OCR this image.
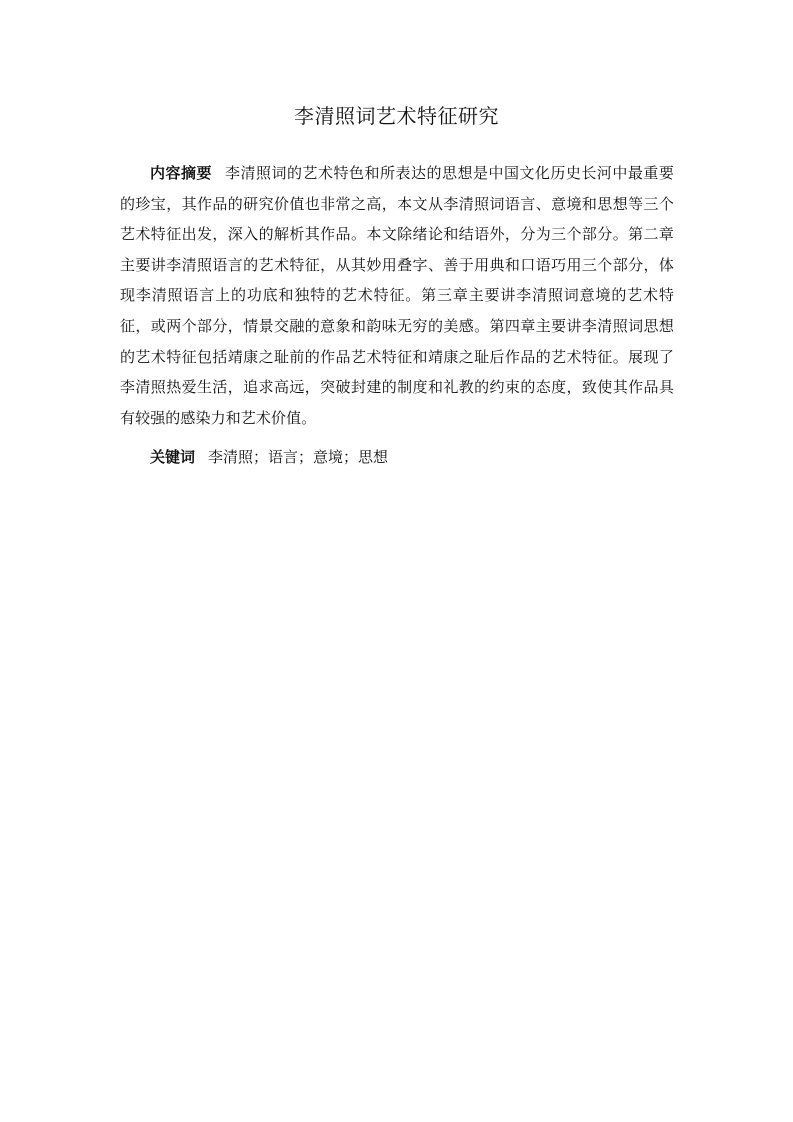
李清照词艺术特征研究

内容摘要 李清照词的艺术特色和所表达的思想是中国文化历史长河中最重要的珍宝，其作品的研究价值也非常之高，本文从李清照词语言、意境和思想等三个艺术特征出发，深入的解析其作品。本文除绪论和结语外，分为三个部分。第二章主要讲李清照语言的艺术特征，从其妙用叠字、善于用典和口语巧用三个部分，体现李清照语言上的功底和独特的艺术特征。第三章主要讲李清照词意境的艺术特征，或两个部分，情景交融的意象和韵味无穷的美感。第四章主要讲李清照词思想的艺术特征包括靖康之耻前的作品艺术特征和靖康之耻后作品的艺术特征。展现了李清照热爱生活，追求高远，突破封建的制度和礼教的约束的态度，致使其作品具有较强的感染力和艺术价值。

关键词 李清照；语言；意境；思想
